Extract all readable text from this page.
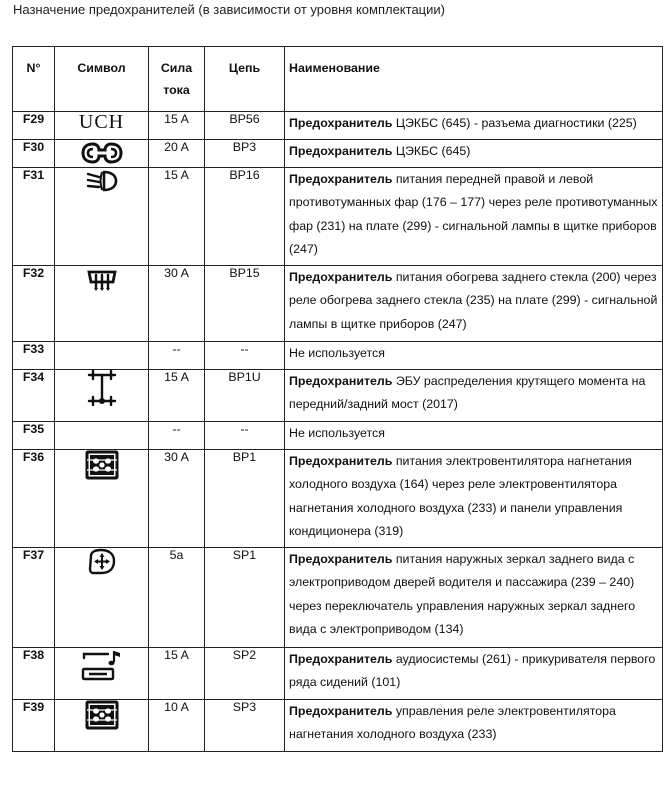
Назначение предохранителей (в зависимости от уровня комплектации)
N°	Символ	Сила тока	Цепь	Наименование
F29	UCH	15 A	BP56	Предохранитель ЦЭКБС (645) - разъема диагностики (225)
F30		20 A	BP3	Предохранитель ЦЭКБС (645)
F31		15 A	BP16	Предохранитель питания передней правой и левой противотуманных фар (176 – 177) через реле противотуманных фар (231) на плате (299) - сигнальной лампы в щитке приборов (247)
F32		30 A	BP15	Предохранитель питания обогрева заднего стекла (200) через реле обогрева заднего стекла (235) на плате (299) - сигнальной лампы в щитке приборов (247)
F33		--	--	Не используется
F34		15 A	BP1U	Предохранитель ЭБУ распределения крутящего момента на передний/задний мост (2017)
F35		--	--	Не используется
F36		30 A	BP1	Предохранитель питания электровентилятора нагнетания холодного воздуха (164) через реле электровентилятора нагнетания холодного воздуха (233) и панели управления кондиционера (319)
F37		5a	SP1	Предохранитель питания наружных зеркал заднего вида с электроприводом дверей водителя и пассажира (239 – 240) через переключатель управления наружных зеркал заднего вида с электроприводом (134)
F38		15 A	SP2	Предохранитель аудиосистемы (261) - прикуривателя первого ряда сидений (101)
F39		10 A	SP3	Предохранитель управления реле электровентилятора нагнетания холодного воздуха (233)
